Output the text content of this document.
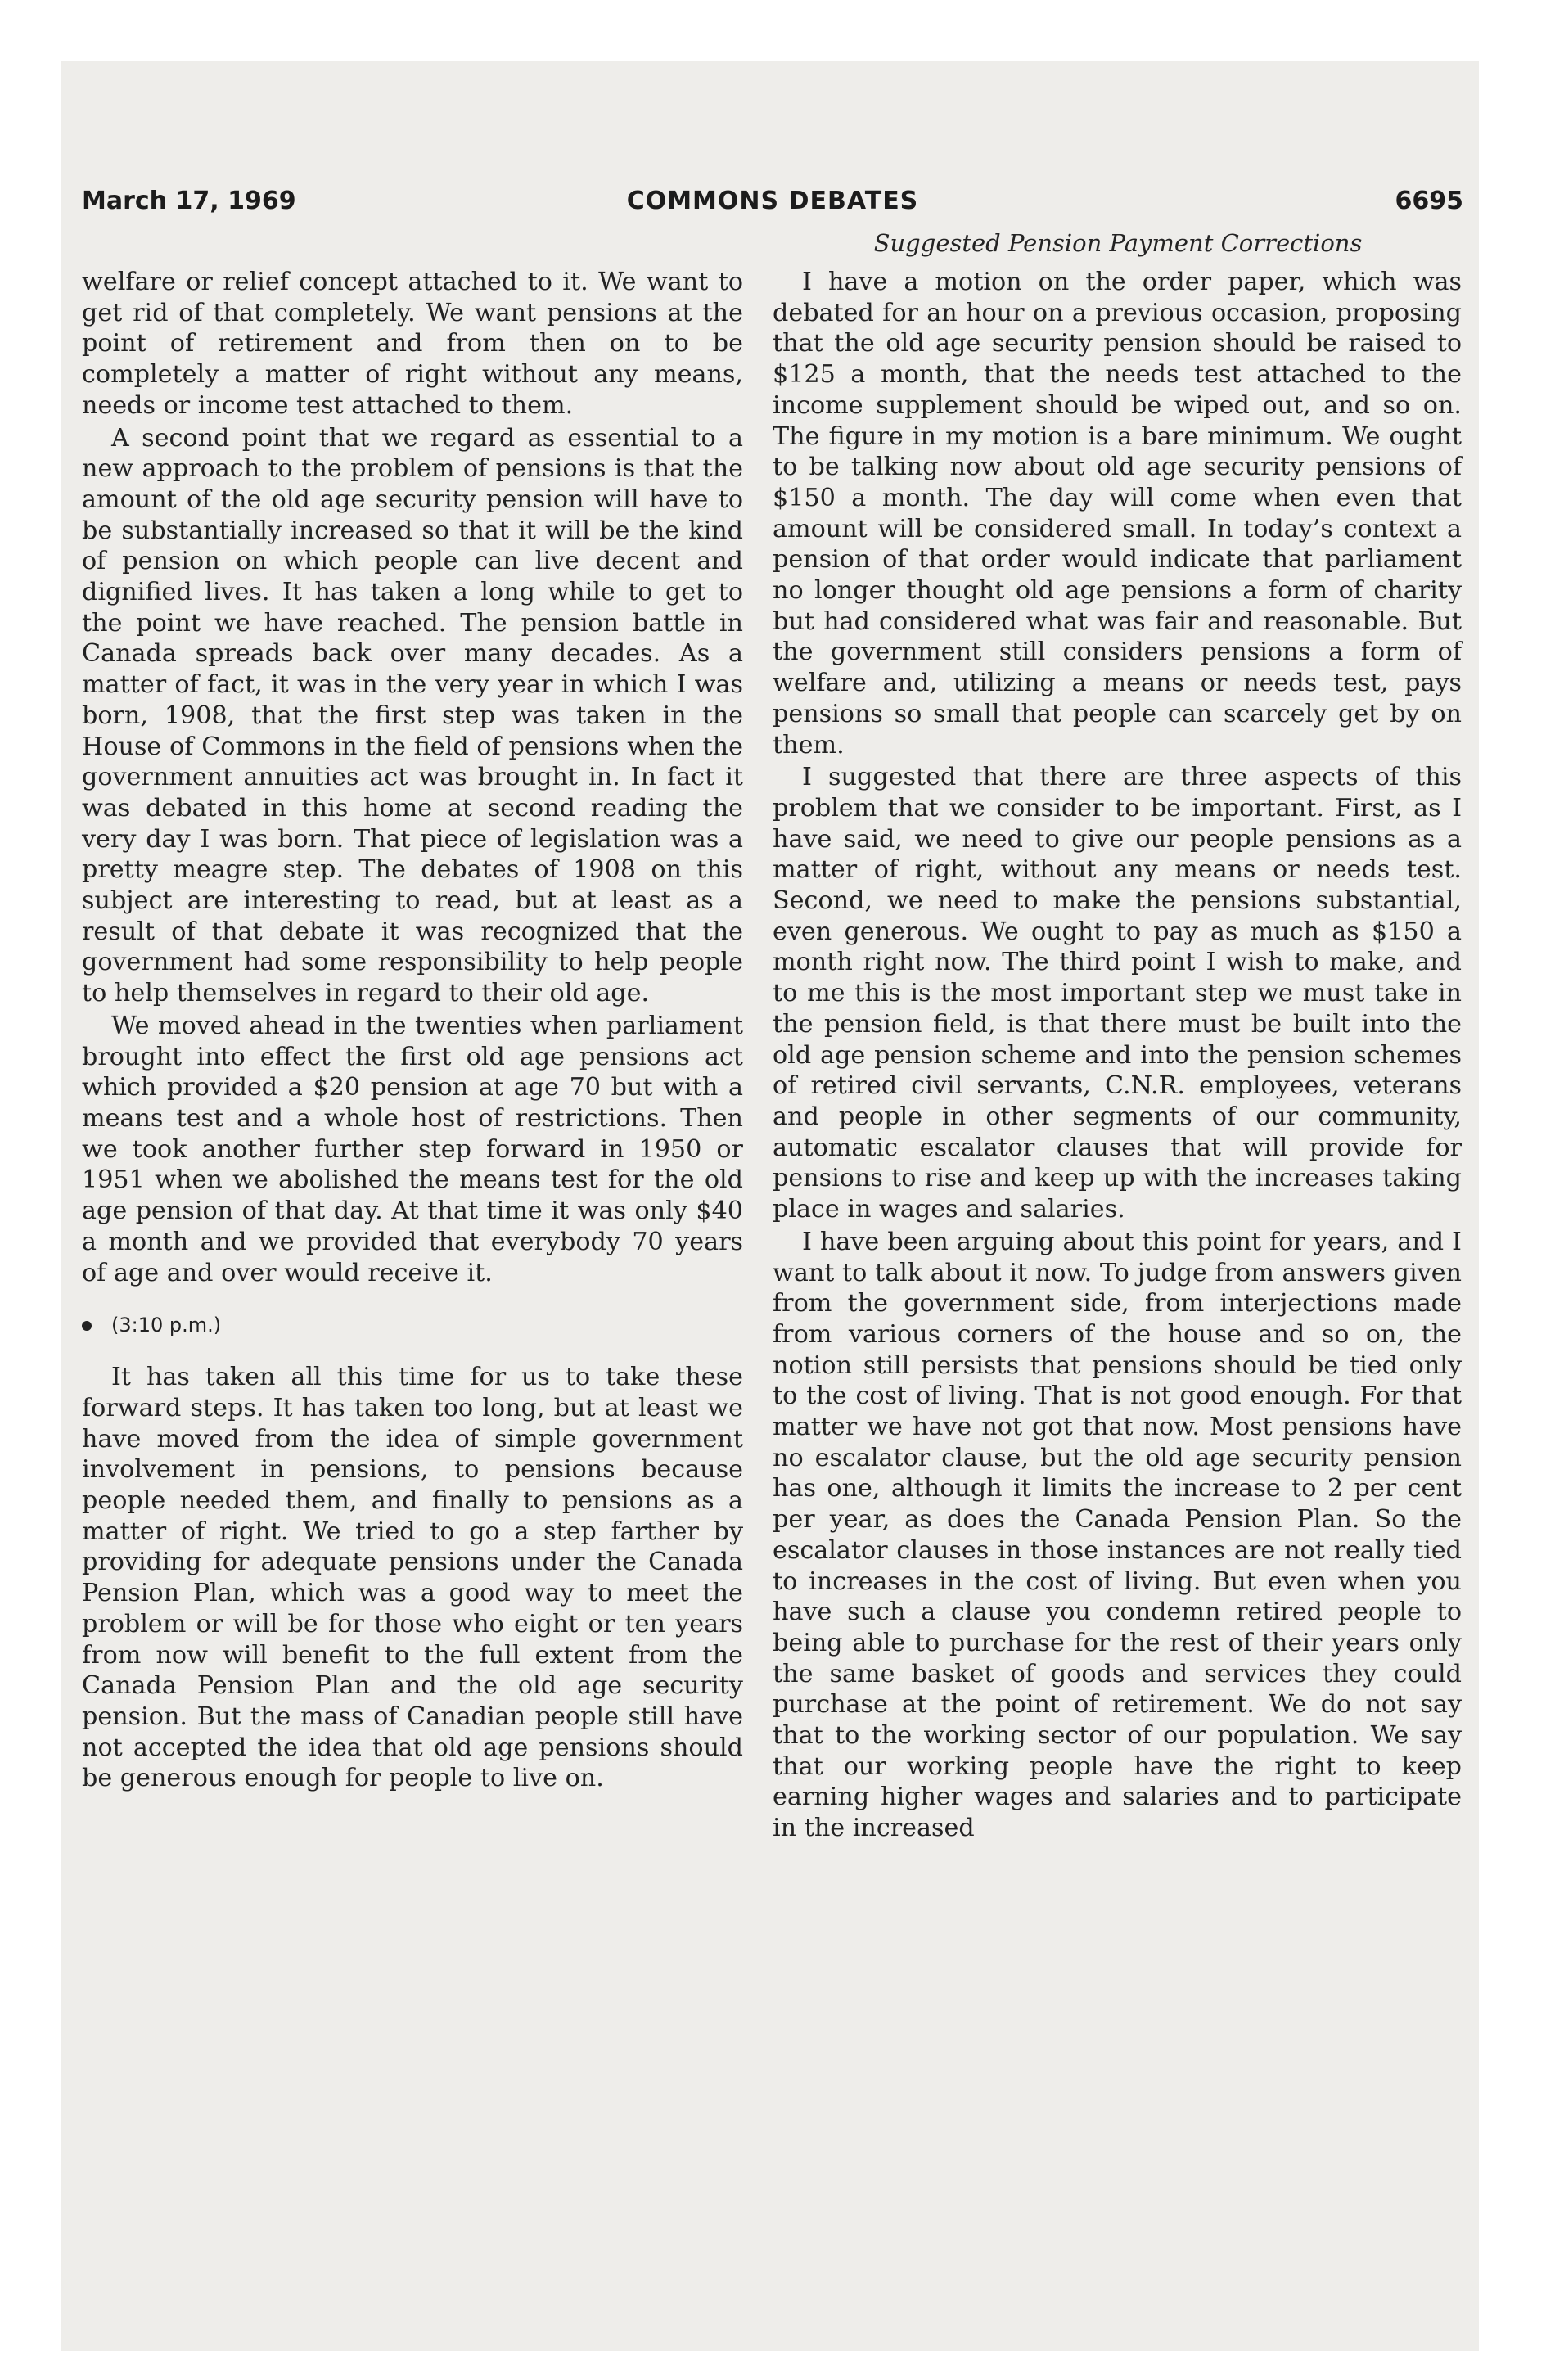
March 17, 1969	COMMONS DEBATES	6695
Suggested Pension Payment Corrections

welfare or relief concept attached to it. We want to get rid of that completely. We want pensions at the point of retirement and from then on to be completely a matter of right without any means, needs or income test attached to them.

A second point that we regard as essential to a new approach to the problem of pensions is that the amount of the old age security pension will have to be substantially increased so that it will be the kind of pension on which people can live decent and dignified lives. It has taken a long while to get to the point we have reached. The pension battle in Canada spreads back over many decades. As a matter of fact, it was in the very year in which I was born, 1908, that the first step was taken in the House of Commons in the field of pensions when the government annuities act was brought in. In fact it was debated in this home at second reading the very day I was born. That piece of legislation was a pretty meagre step. The debates of 1908 on this subject are interesting to read, but at least as a result of that debate it was recognized that the government had some responsibility to help people to help themselves in regard to their old age.

We moved ahead in the twenties when parliament brought into effect the first old age pensions act which provided a $20 pension at age 70 but with a means test and a whole host of restrictions. Then we took another further step forward in 1950 or 1951 when we abolished the means test for the old age pension of that day. At that time it was only $40 a month and we provided that everybody 70 years of age and over would receive it.

(3:10 p.m.)

It has taken all this time for us to take these forward steps. It has taken too long, but at least we have moved from the idea of simple government involvement in pensions, to pensions because people needed them, and finally to pensions as a matter of right. We tried to go a step farther by providing for adequate pensions under the Canada Pension Plan, which was a good way to meet the problem or will be for those who eight or ten years from now will benefit to the full extent from the Canada Pension Plan and the old age security pension. But the mass of Canadian people still have not accepted the idea that old age pensions should be generous enough for people to live on.

I have a motion on the order paper, which was debated for an hour on a previous occasion, proposing that the old age security pension should be raised to $125 a month, that the needs test attached to the income supplement should be wiped out, and so on. The figure in my motion is a bare minimum. We ought to be talking now about old age security pensions of $150 a month. The day will come when even that amount will be considered small. In today’s context a pension of that order would indicate that parliament no longer thought old age pensions a form of charity but had considered what was fair and reasonable. But the government still considers pensions a form of welfare and, utilizing a means or needs test, pays pensions so small that people can scarcely get by on them.

I suggested that there are three aspects of this problem that we consider to be important. First, as I have said, we need to give our people pensions as a matter of right, without any means or needs test. Second, we need to make the pensions substantial, even generous. We ought to pay as much as $150 a month right now. The third point I wish to make, and to me this is the most important step we must take in the pension field, is that there must be built into the old age pension scheme and into the pension schemes of retired civil servants, C.N.R. employees, veterans and people in other segments of our community, automatic escalator clauses that will provide for pensions to rise and keep up with the increases taking place in wages and salaries.

I have been arguing about this point for years, and I want to talk about it now. To judge from answers given from the government side, from interjections made from various corners of the house and so on, the notion still persists that pensions should be tied only to the cost of living. That is not good enough. For that matter we have not got that now. Most pensions have no escalator clause, but the old age security pension has one, although it limits the increase to 2 per cent per year, as does the Canada Pension Plan. So the escalator clauses in those instances are not really tied to increases in the cost of living. But even when you have such a clause you condemn retired people to being able to purchase for the rest of their years only the same basket of goods and services they could purchase at the point of retirement. We do not say that to the working sector of our population. We say that our working people have the right to keep earning higher wages and salaries and to participate in the increased
